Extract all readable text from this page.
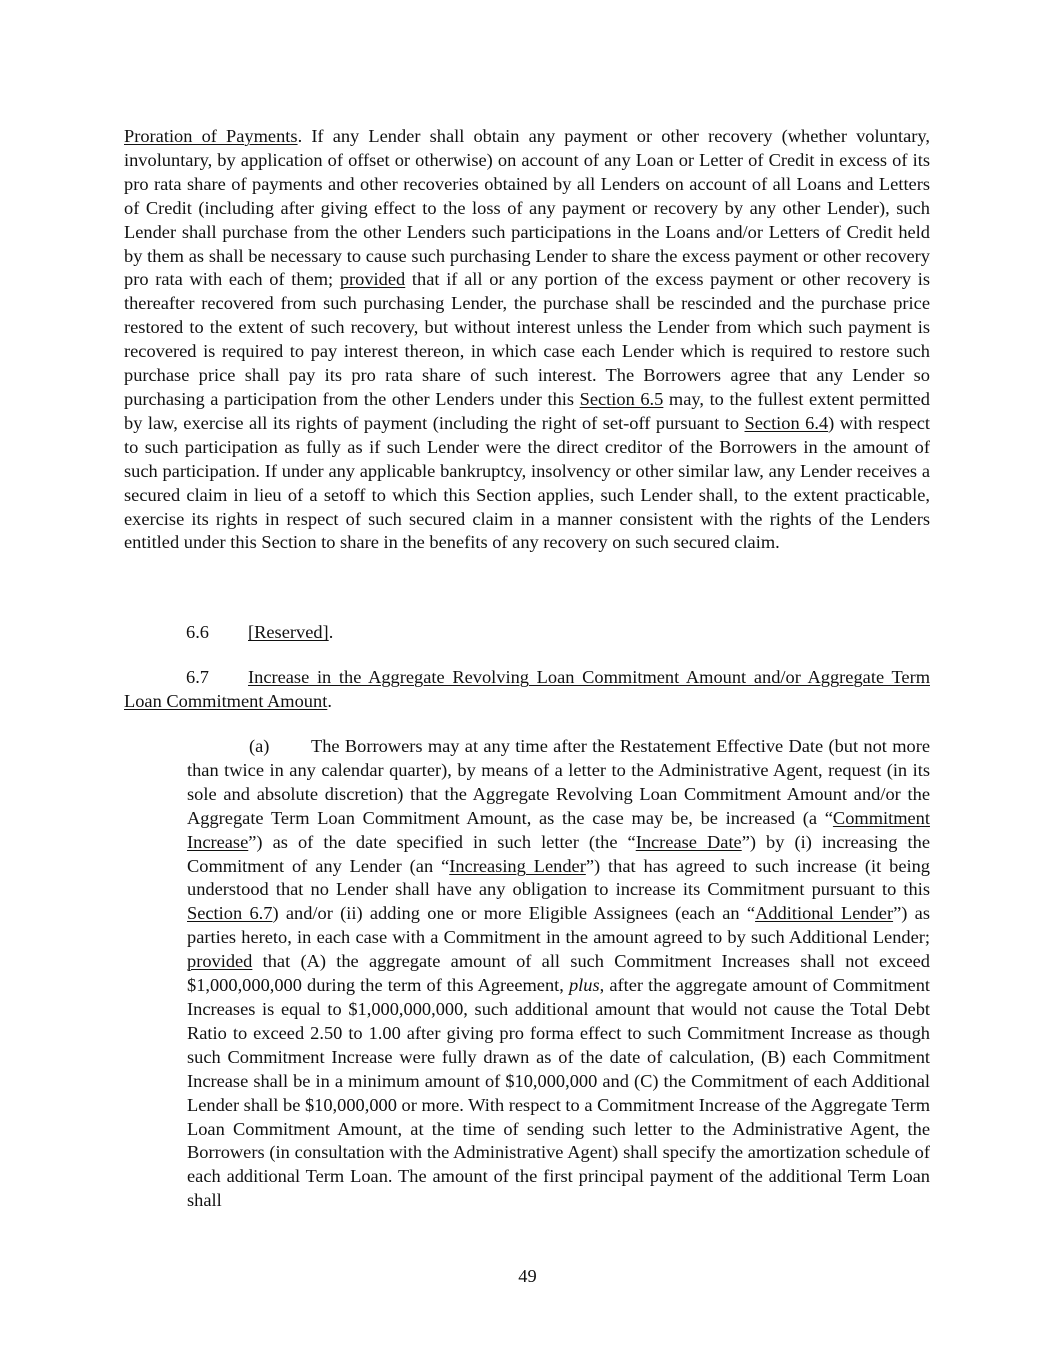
Proration of Payments. If any Lender shall obtain any payment or other recovery (whether voluntary, involuntary, by application of offset or otherwise) on account of any Loan or Letter of Credit in excess of its pro rata share of payments and other recoveries obtained by all Lenders on account of all Loans and Letters of Credit (including after giving effect to the loss of any payment or recovery by any other Lender), such Lender shall purchase from the other Lenders such participations in the Loans and/or Letters of Credit held by them as shall be necessary to cause such purchasing Lender to share the excess payment or other recovery pro rata with each of them; provided that if all or any portion of the excess payment or other recovery is thereafter recovered from such purchasing Lender, the purchase shall be rescinded and the purchase price restored to the extent of such recovery, but without interest unless the Lender from which such payment is recovered is required to pay interest thereon, in which case each Lender which is required to restore such purchase price shall pay its pro rata share of such interest. The Borrowers agree that any Lender so purchasing a participation from the other Lenders under this Section 6.5 may, to the fullest extent permitted by law, exercise all its rights of payment (including the right of set-off pursuant to Section 6.4) with respect to such participation as fully as if such Lender were the direct creditor of the Borrowers in the amount of such participation. If under any applicable bankruptcy, insolvency or other similar law, any Lender receives a secured claim in lieu of a setoff to which this Section applies, such Lender shall, to the extent practicable, exercise its rights in respect of such secured claim in a manner consistent with the rights of the Lenders entitled under this Section to share in the benefits of any recovery on such secured claim.

6.6 [Reserved].

6.7 Increase in the Aggregate Revolving Loan Commitment Amount and/or Aggregate Term Loan Commitment Amount.

(a) The Borrowers may at any time after the Restatement Effective Date (but not more than twice in any calendar quarter), by means of a letter to the Administrative Agent, request (in its sole and absolute discretion) that the Aggregate Revolving Loan Commitment Amount and/or the Aggregate Term Loan Commitment Amount, as the case may be, be increased (a “Commitment Increase”) as of the date specified in such letter (the “Increase Date”) by (i) increasing the Commitment of any Lender (an “Increasing Lender”) that has agreed to such increase (it being understood that no Lender shall have any obligation to increase its Commitment pursuant to this Section 6.7) and/or (ii) adding one or more Eligible Assignees (each an “Additional Lender”) as parties hereto, in each case with a Commitment in the amount agreed to by such Additional Lender; provided that (A) the aggregate amount of all such Commitment Increases shall not exceed $1,000,000,000 during the term of this Agreement, plus, after the aggregate amount of Commitment Increases is equal to $1,000,000,000, such additional amount that would not cause the Total Debt Ratio to exceed 2.50 to 1.00 after giving pro forma effect to such Commitment Increase as though such Commitment Increase were fully drawn as of the date of calculation, (B) each Commitment Increase shall be in a minimum amount of $10,000,000 and (C) the Commitment of each Additional Lender shall be $10,000,000 or more. With respect to a Commitment Increase of the Aggregate Term Loan Commitment Amount, at the time of sending such letter to the Administrative Agent, the Borrowers (in consultation with the Administrative Agent) shall specify the amortization schedule of each additional Term Loan. The amount of the first principal payment of the additional Term Loan shall

49
